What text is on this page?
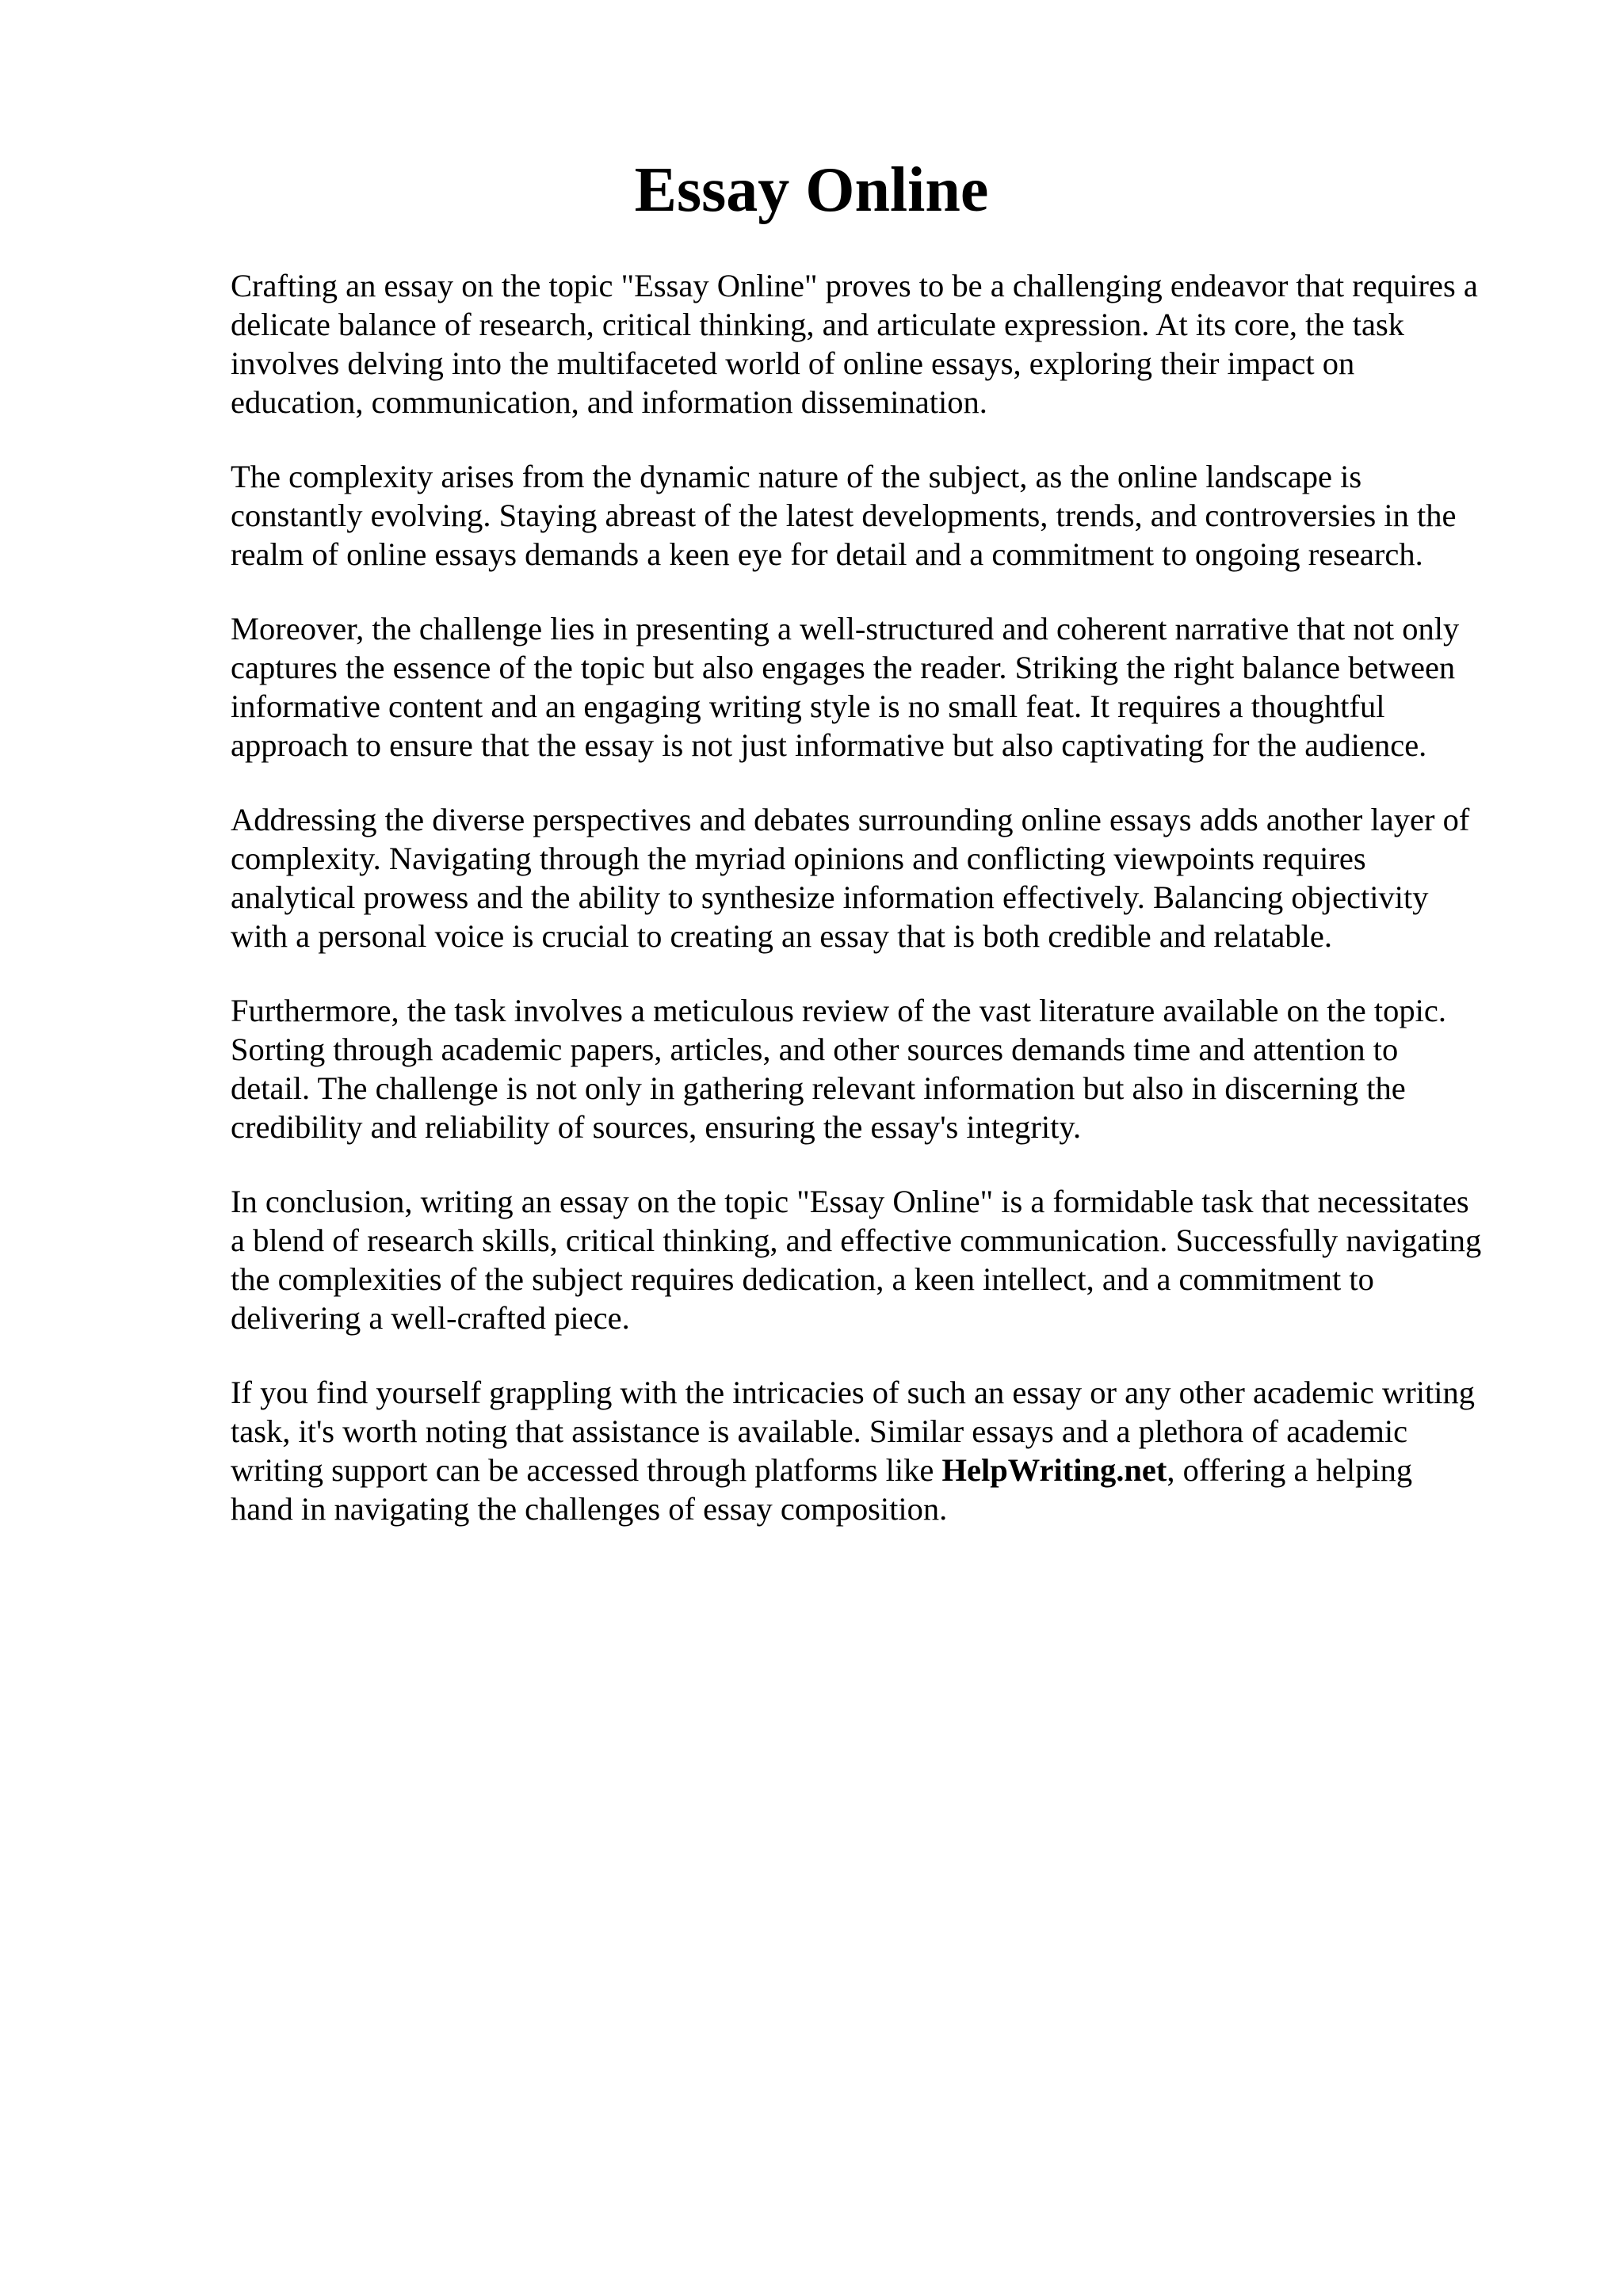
Essay Online

Crafting an essay on the topic "Essay Online" proves to be a challenging endeavor that requires a
delicate balance of research, critical thinking, and articulate expression. At its core, the task
involves delving into the multifaceted world of online essays, exploring their impact on
education, communication, and information dissemination.

The complexity arises from the dynamic nature of the subject, as the online landscape is
constantly evolving. Staying abreast of the latest developments, trends, and controversies in the
realm of online essays demands a keen eye for detail and a commitment to ongoing research.

Moreover, the challenge lies in presenting a well-structured and coherent narrative that not only
captures the essence of the topic but also engages the reader. Striking the right balance between
informative content and an engaging writing style is no small feat. It requires a thoughtful
approach to ensure that the essay is not just informative but also captivating for the audience.

Addressing the diverse perspectives and debates surrounding online essays adds another layer of
complexity. Navigating through the myriad opinions and conflicting viewpoints requires
analytical prowess and the ability to synthesize information effectively. Balancing objectivity
with a personal voice is crucial to creating an essay that is both credible and relatable.

Furthermore, the task involves a meticulous review of the vast literature available on the topic.
Sorting through academic papers, articles, and other sources demands time and attention to
detail. The challenge is not only in gathering relevant information but also in discerning the
credibility and reliability of sources, ensuring the essay's integrity.

In conclusion, writing an essay on the topic "Essay Online" is a formidable task that necessitates
a blend of research skills, critical thinking, and effective communication. Successfully navigating
the complexities of the subject requires dedication, a keen intellect, and a commitment to
delivering a well-crafted piece.

If you find yourself grappling with the intricacies of such an essay or any other academic writing
task, it's worth noting that assistance is available. Similar essays and a plethora of academic
writing support can be accessed through platforms like HelpWriting.net, offering a helping
hand in navigating the challenges of essay composition.
